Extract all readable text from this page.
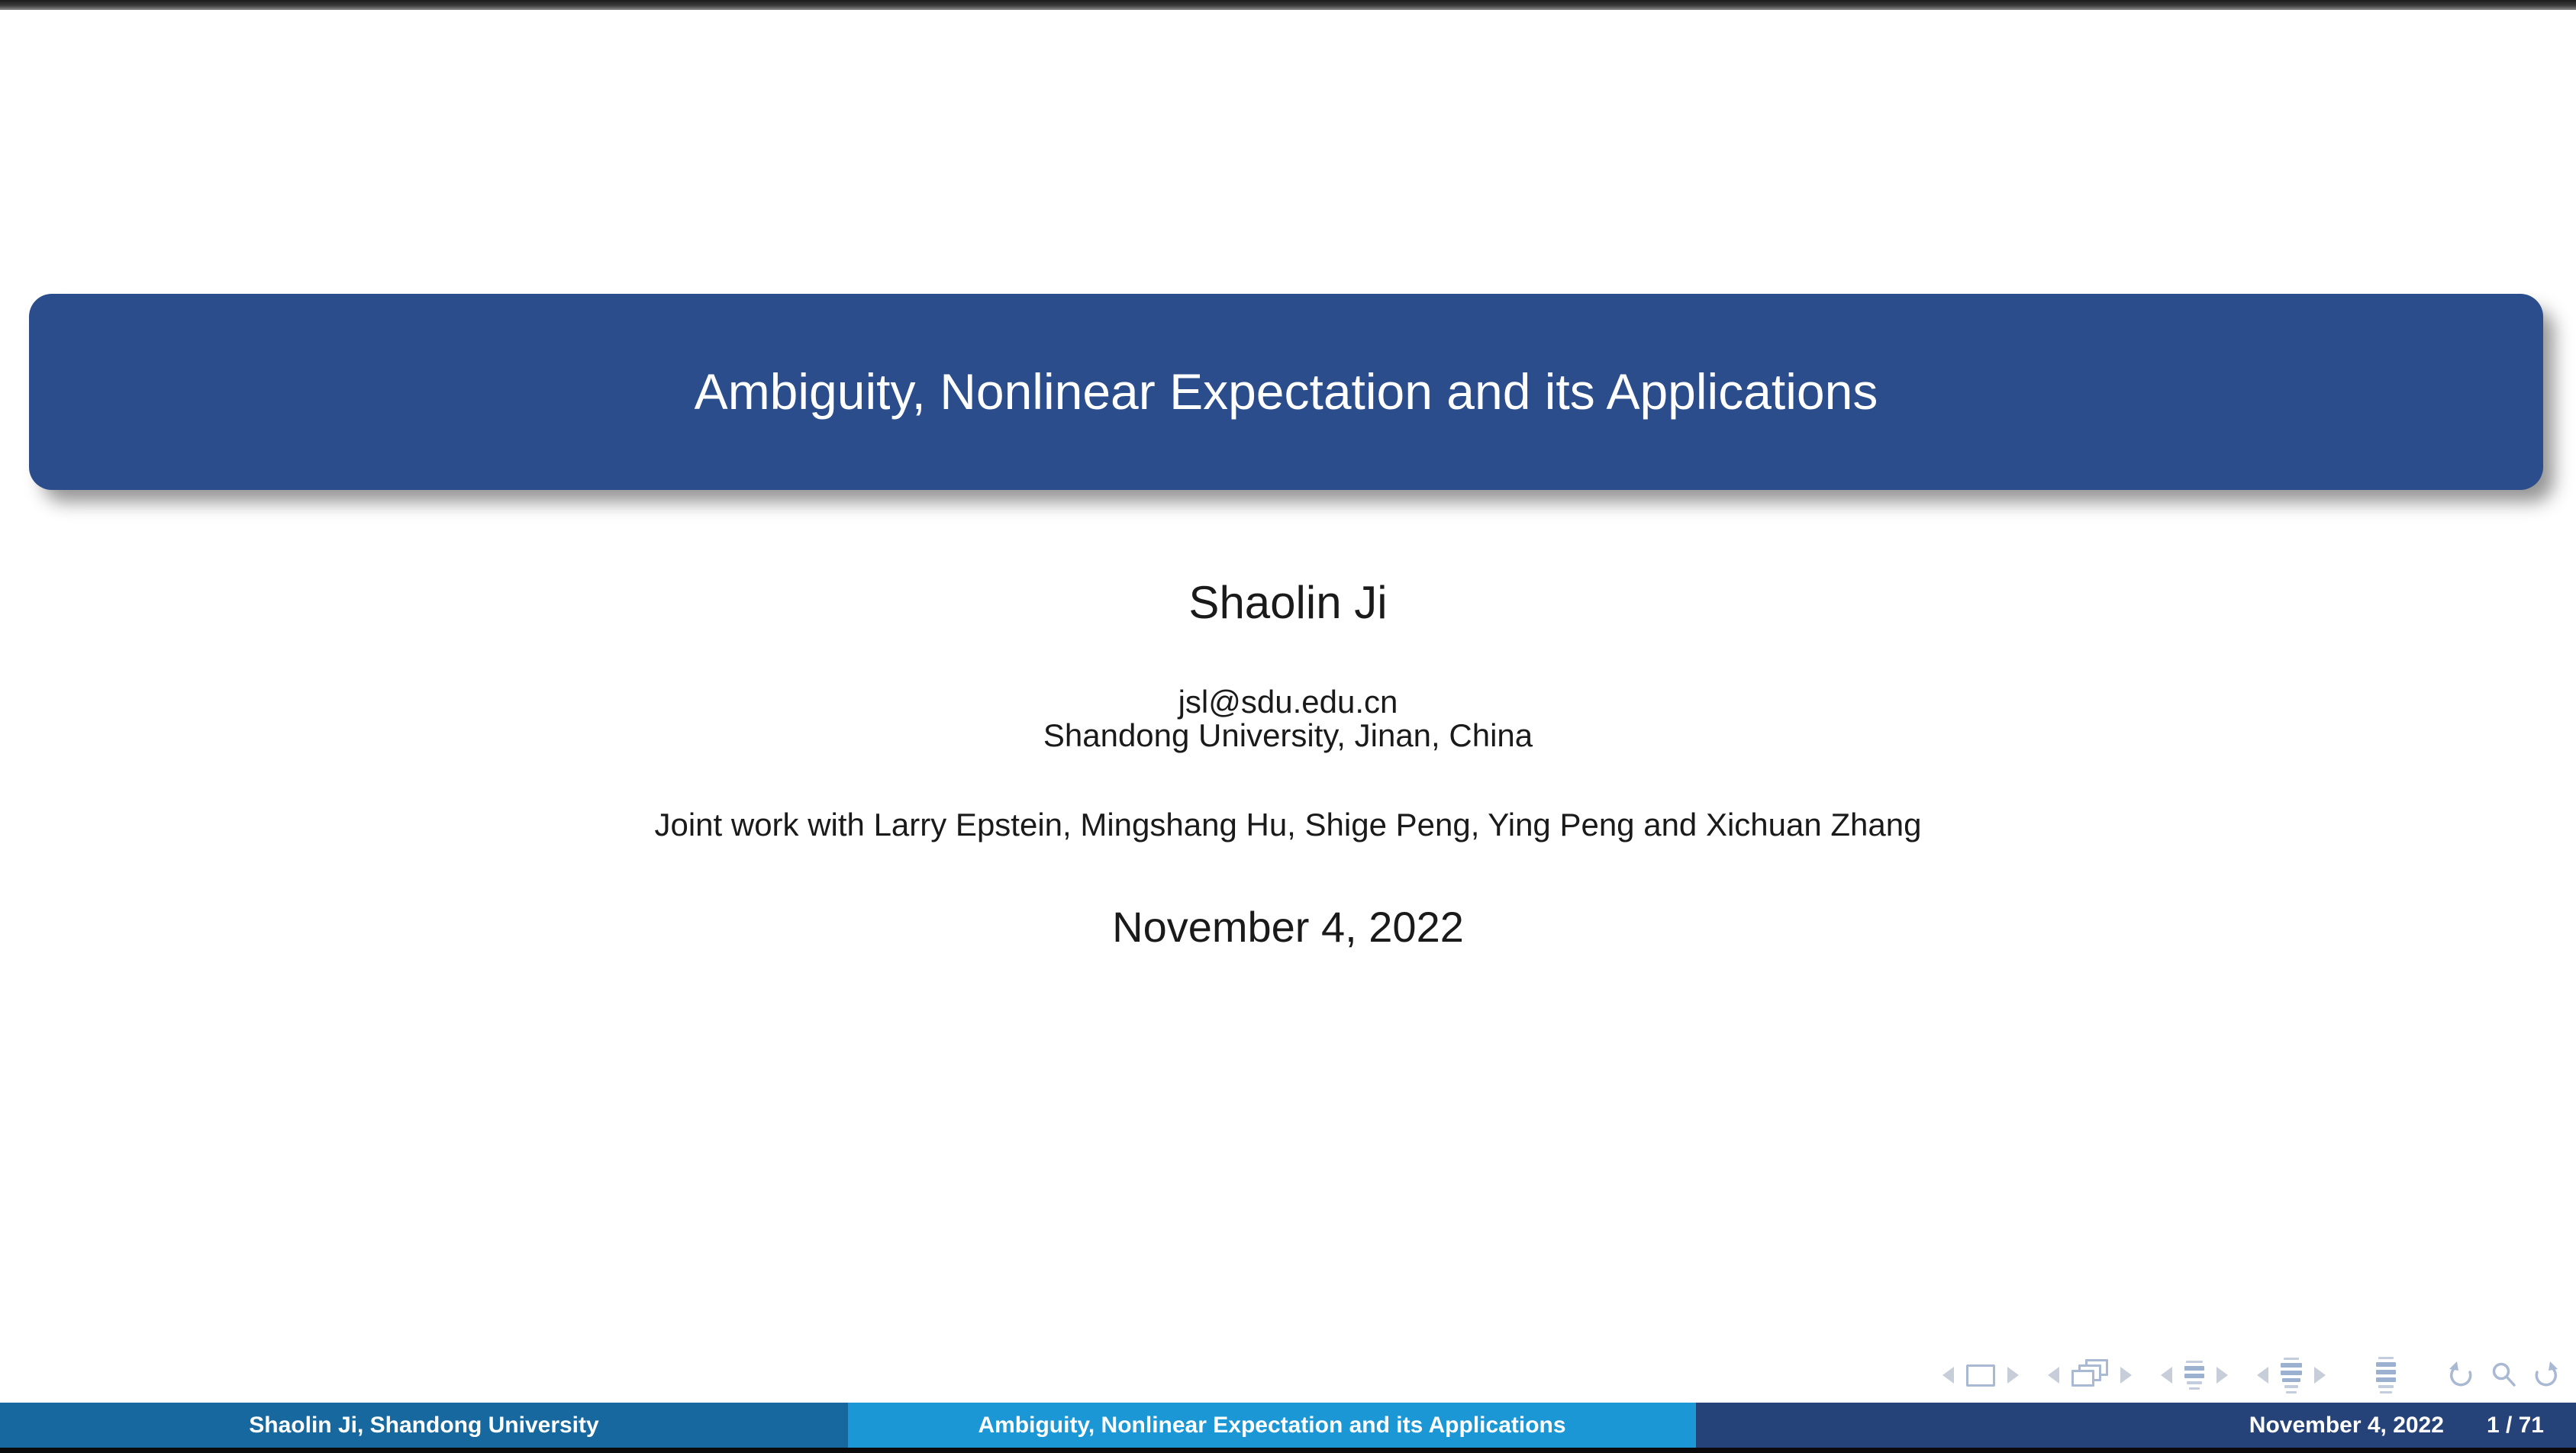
Ambiguity, Nonlinear Expectation and its Applications
Shaolin Ji
jsl@sdu.edu.cn
Shandong University, Jinan, China
Joint work with Larry Epstein, Mingshang Hu, Shige Peng, Ying Peng and Xichuan Zhang
November 4, 2022
Shaolin Ji, Shandong University	Ambiguity, Nonlinear Expectation and its Applications	November 4, 2022 1 / 71
